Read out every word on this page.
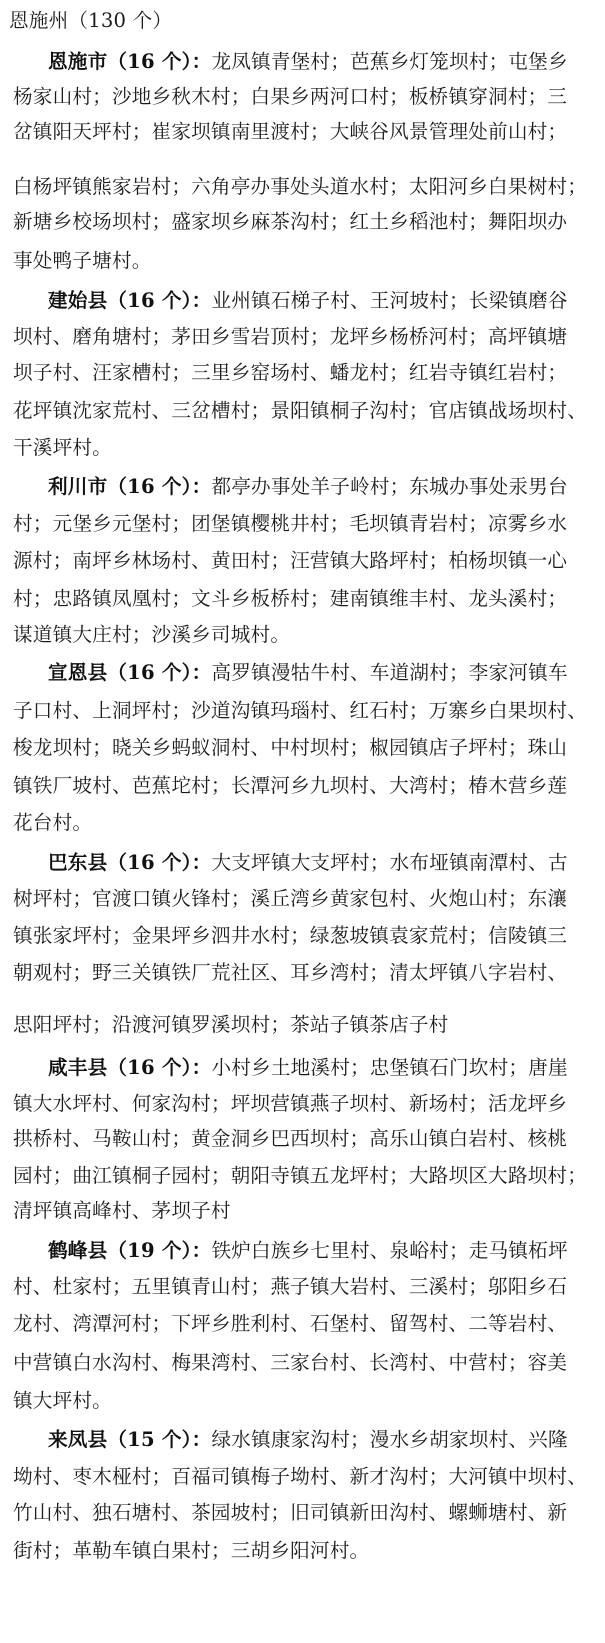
恩施州（130 个）
恩施市（16 个）：龙凤镇青堡村；芭蕉乡灯笼坝村；屯堡乡
杨家山村；沙地乡秋木村；白果乡两河口村；板桥镇穿洞村；三
岔镇阳天坪村；崔家坝镇南里渡村；大峡谷风景管理处前山村；
白杨坪镇熊家岩村；六角亭办事处头道水村；太阳河乡白果树村；
新塘乡校场坝村；盛家坝乡麻茶沟村；红土乡稻池村；舞阳坝办
事处鸭子塘村。
建始县（16 个）：业州镇石梯子村、王河坡村；长梁镇磨谷
坝村、磨角塘村；茅田乡雪岩顶村；龙坪乡杨桥河村；高坪镇塘
坝子村、汪家槽村；三里乡窑场村、蟠龙村；红岩寺镇红岩村；
花坪镇沈家荒村、三岔槽村；景阳镇桐子沟村；官店镇战场坝村、
干溪坪村。
利川市（16 个）：都亭办事处羊子岭村；东城办事处汞男台
村；元堡乡元堡村；团堡镇樱桃井村；毛坝镇青岩村；凉雾乡水
源村；南坪乡林场村、黄田村；汪营镇大路坪村；柏杨坝镇一心
村；忠路镇凤凰村；文斗乡板桥村；建南镇维丰村、龙头溪村；
谋道镇大庄村；沙溪乡司城村。
宣恩县（16 个）：高罗镇漫牯牛村、车道湖村；李家河镇车
子口村、上洞坪村；沙道沟镇玛瑙村、红石村；万寨乡白果坝村、
梭龙坝村；晓关乡蚂蚁洞村、中村坝村；椒园镇店子坪村；珠山
镇铁厂坡村、芭蕉坨村；长潭河乡九坝村、大湾村；椿木营乡莲
花台村。
巴东县（16 个）：大支坪镇大支坪村；水布垭镇南潭村、古
树坪村；官渡口镇火锋村；溪丘湾乡黄家包村、火炮山村；东瀼
镇张家坪村；金果坪乡泗井水村；绿葱坡镇袁家荒村；信陵镇三
朝观村；野三关镇铁厂荒社区、耳乡湾村；清太坪镇八字岩村、
思阳坪村；沿渡河镇罗溪坝村；茶站子镇茶店子村
咸丰县（16 个）：小村乡土地溪村；忠堡镇石门坎村；唐崖
镇大水坪村、何家沟村；坪坝营镇燕子坝村、新场村；活龙坪乡
拱桥村、马鞍山村；黄金洞乡巴西坝村；高乐山镇白岩村、核桃
园村；曲江镇桐子园村；朝阳寺镇五龙坪村；大路坝区大路坝村；
清坪镇高峰村、茅坝子村
鹤峰县（19 个）：铁炉白族乡七里村、泉峪村；走马镇柘坪
村、杜家村；五里镇青山村；燕子镇大岩村、三溪村；邬阳乡石
龙村、湾潭河村；下坪乡胜利村、石堡村、留驾村、二等岩村、
中营镇白水沟村、梅果湾村、三家台村、长湾村、中营村；容美
镇大坪村。
来凤县（15 个）：绿水镇康家沟村；漫水乡胡家坝村、兴隆
坳村、枣木桠村；百福司镇梅子坳村、新才沟村；大河镇中坝村、
竹山村、独石塘村、茶园坡村；旧司镇新田沟村、螺蛳塘村、新
街村；革勒车镇白果村；三胡乡阳河村。
